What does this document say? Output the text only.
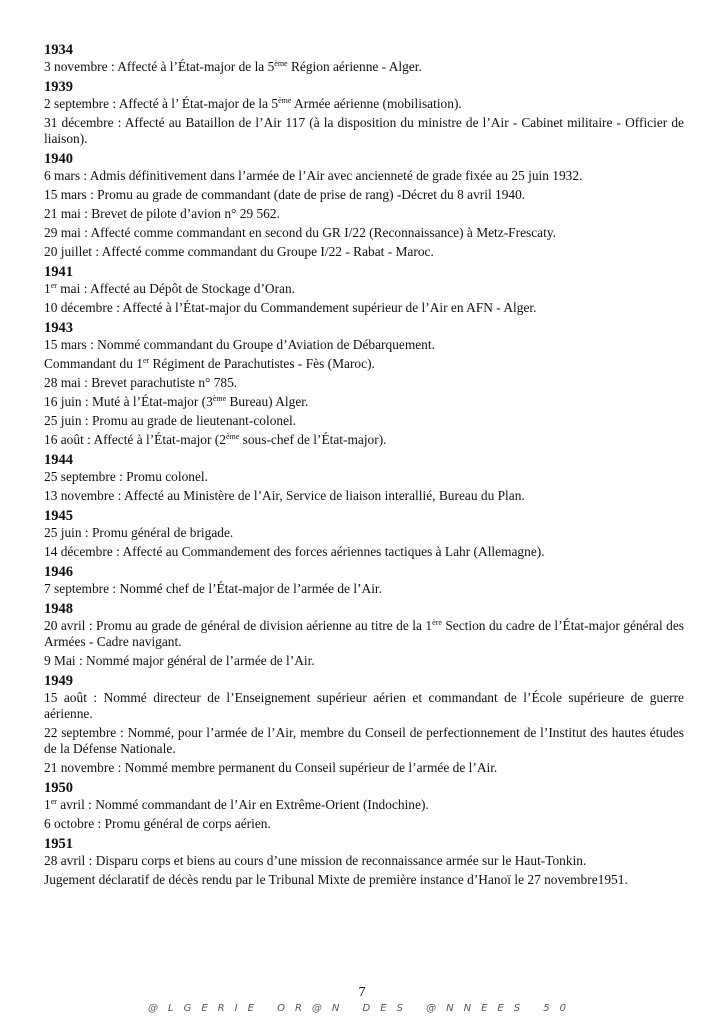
1934
3 novembre : Affecté à l’État-major de la 5ème Région aérienne - Alger.
1939
2 septembre : Affecté à l’ État-major de la 5ème Armée aérienne (mobilisation).
31 décembre : Affecté au Bataillon de l’Air 117 (à la disposition du ministre de l’Air - Cabinet militaire - Officier de liaison).
1940
6 mars : Admis définitivement dans l’armée de l’Air avec ancienneté de grade fixée au 25 juin 1932.
15 mars : Promu au grade de commandant (date de prise de rang) -Décret du 8 avril 1940.
21 mai : Brevet de pilote d’avion n° 29 562.
29 mai : Affecté comme commandant en second du GR I/22 (Reconnaissance) à Metz-Frescaty.
20 juillet : Affecté comme commandant du Groupe I/22 - Rabat - Maroc.
1941
1er mai : Affecté au Dépôt de Stockage d’Oran.
10 décembre : Affecté à l’État-major du Commandement supérieur de l’Air en AFN - Alger.
1943
15 mars : Nommé commandant du Groupe d’Aviation de Débarquement.
Commandant du 1er Régiment de Parachutistes - Fès (Maroc).
28 mai : Brevet parachutiste n° 785.
16 juin : Muté à l’État-major (3ème Bureau) Alger.
25 juin : Promu au grade de lieutenant-colonel.
16 août : Affecté à l’État-major (2ème sous-chef de l’État-major).
1944
25 septembre : Promu colonel.
13 novembre : Affecté au Ministère de l’Air, Service de liaison interallié, Bureau du Plan.
1945
25 juin : Promu général de brigade.
14 décembre : Affecté au Commandement des forces aériennes tactiques à Lahr (Allemagne).
1946
7 septembre : Nommé chef de l’État-major de l’armée de l’Air.
1948
20 avril : Promu au grade de général de division aérienne au titre de la 1ère Section du cadre de l’État-major général des Armées - Cadre navigant.
9 Mai : Nommé major général de l’armée de l’Air.
1949
15 août : Nommé directeur de l’Enseignement supérieur aérien et commandant de l’École supérieure de guerre aérienne.
22 septembre : Nommé, pour l’armée de l’Air, membre du Conseil de perfectionnement de l’Institut des hautes études de la Défense Nationale.
21 novembre : Nommé membre permanent du Conseil supérieur de l’armée de l’Air.
1950
1er avril : Nommé commandant de l’Air en Extrême-Orient (Indochine).
6 octobre : Promu général de corps aérien.
1951
28 avril : Disparu corps et biens au cours d’une mission de reconnaissance armée sur le Haut-Tonkin.
Jugement déclaratif de décès rendu par le Tribunal Mixte de première instance d’Hanoï le 27 novembre1951.
7
@LGERIE OR@N DES @NNEES 50
